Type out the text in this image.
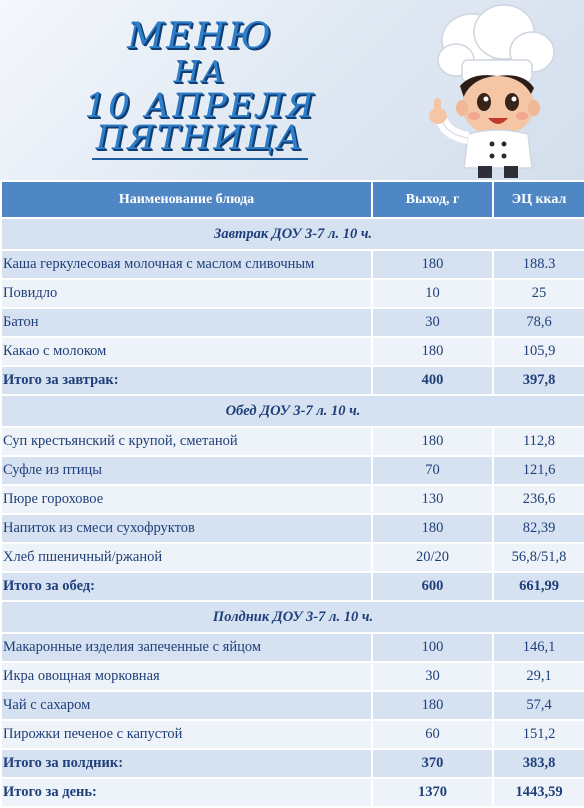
МЕНЮ
НА
10 АПРЕЛЯ
ПЯТНИЦА
Наименование блюда	Выход, г	ЭЦ ккал
Завтрак ДОУ 3-7 л. 10 ч.		
Каша геркулесовая молочная с маслом сливочным	180	188.3
Повидло	10	25
Батон	30	78,6
Какао с молоком	180	105,9
Итого за завтрак:	400	397,8
Обед ДОУ 3-7 л. 10 ч.		
Суп крестьянский с крупой, сметаной	180	112,8
Суфле из птицы	70	121,6
Пюре гороховое	130	236,6
Напиток из смеси сухофруктов	180	82,39
Хлеб пшеничный/ржаной	20/20	56,8/51,8
Итого за обед:	600	661,99
Полдник ДОУ 3-7 л. 10 ч.		
Макаронные изделия запеченные с яйцом	100	146,1
Икра овощная морковная	30	29,1
Чай с сахаром	180	57,4
Пирожки печеное с капустой	60	151,2
Итого за полдник:	370	383,8
Итого за день:	1370	1443,59
